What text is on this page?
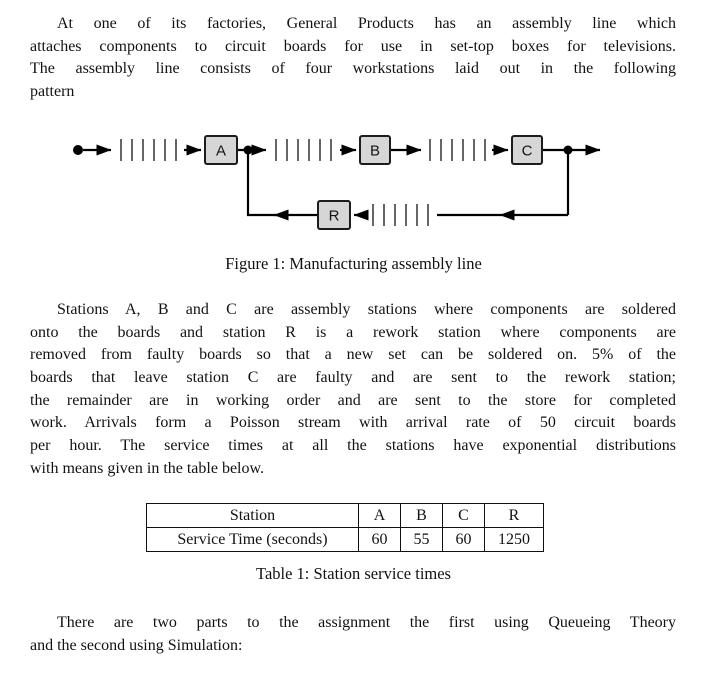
At one of its factories, General Products has an assembly line which
attaches components to circuit boards for use in set-top boxes for televisions.
The assembly line consists of four workstations laid out in the following
pattern
A	B	C
R
Figure 1: Manufacturing assembly line
Stations A, B and C are assembly stations where components are soldered
onto the boards and station R is a rework station where components are
removed from faulty boards so that a new set can be soldered on. 5% of the
boards that leave station C are faulty and are sent to the rework station;
the remainder are in working order and are sent to the store for completed
work. Arrivals form a Poisson stream with arrival rate of 50 circuit boards
per hour. The service times at all the stations have exponential distributions
with means given in the table below.
Station	A	B	C	R
Service Time (seconds)	60	55	60	1250
Table 1: Station service times
There are two parts to the assignment the first using Queueing Theory
and the second using Simulation:
